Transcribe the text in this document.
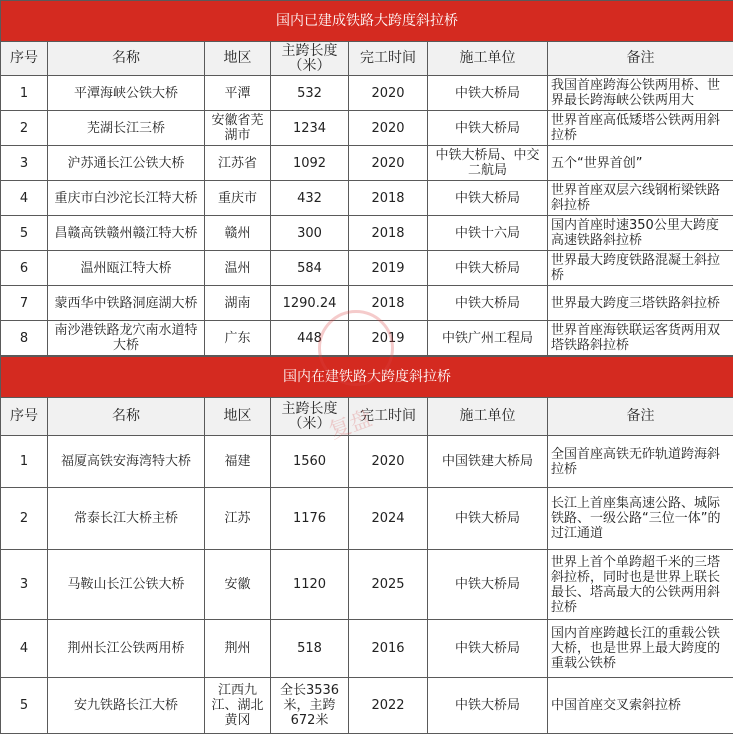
国内已建成铁路大跨度斜拉桥						
序号	名称	地区	主跨长度（米）	完工时间	施工单位	备注
1	平潭海峡公铁大桥	平潭	532	2020	中铁大桥局	我国首座跨海公铁两用桥、世界最长跨海峡公铁两用大
2	芜湖长江三桥	安徽省芜湖市	1234	2020	中铁大桥局	世界首座高低矮塔公铁两用斜拉桥
3	沪苏通长江公铁大桥	江苏省	1092	2020	中铁大桥局、中交二航局	五个“世界首创”
4	重庆市白沙沱长江特大桥	重庆市	432	2018	中铁大桥局	世界首座双层六线钢桁梁铁路斜拉桥
5	昌赣高铁赣州赣江特大桥	赣州	300	2018	中铁十六局	国内首座时速350公里大跨度高速铁路斜拉桥
6	温州瓯江特大桥	温州	584	2019	中铁大桥局	世界最大跨度铁路混凝土斜拉桥
7	蒙西华中铁路洞庭湖大桥	湖南	1290.24	2018	中铁大桥局	世界最大跨度三塔铁路斜拉桥
8	南沙港铁路龙穴南水道特大桥	广东	448	2019	中铁广州工程局	世界首座海铁联运客货两用双塔铁路斜拉桥
国内在建铁路大跨度斜拉桥						
序号	名称	地区	主跨长度（米）	完工时间	施工单位	备注
1	福厦高铁安海湾特大桥	福建	1560	2020	中国铁建大桥局	全国首座高铁无砟轨道跨海斜拉桥
2	常泰长江大桥主桥	江苏	1176	2024	中铁大桥局	长江上首座集高速公路、城际铁路、一级公路“三位一体”的过江通道
3	马鞍山长江公铁大桥	安徽	1120	2025	中铁大桥局	世界上首个单跨超千米的三塔斜拉桥，同时也是世界上联长最长、塔高最大的公铁两用斜拉桥
4	荆州长江公铁两用桥	荆州	518	2016	中铁大桥局	国内首座跨越长江的重载公铁大桥，也是世界上最大跨度的重载公铁桥
5	安九铁路长江大桥	江西九江、湖北黄冈	全长3536米，主跨672米	2022	中铁大桥局	中国首座交叉索斜拉桥
复盘
